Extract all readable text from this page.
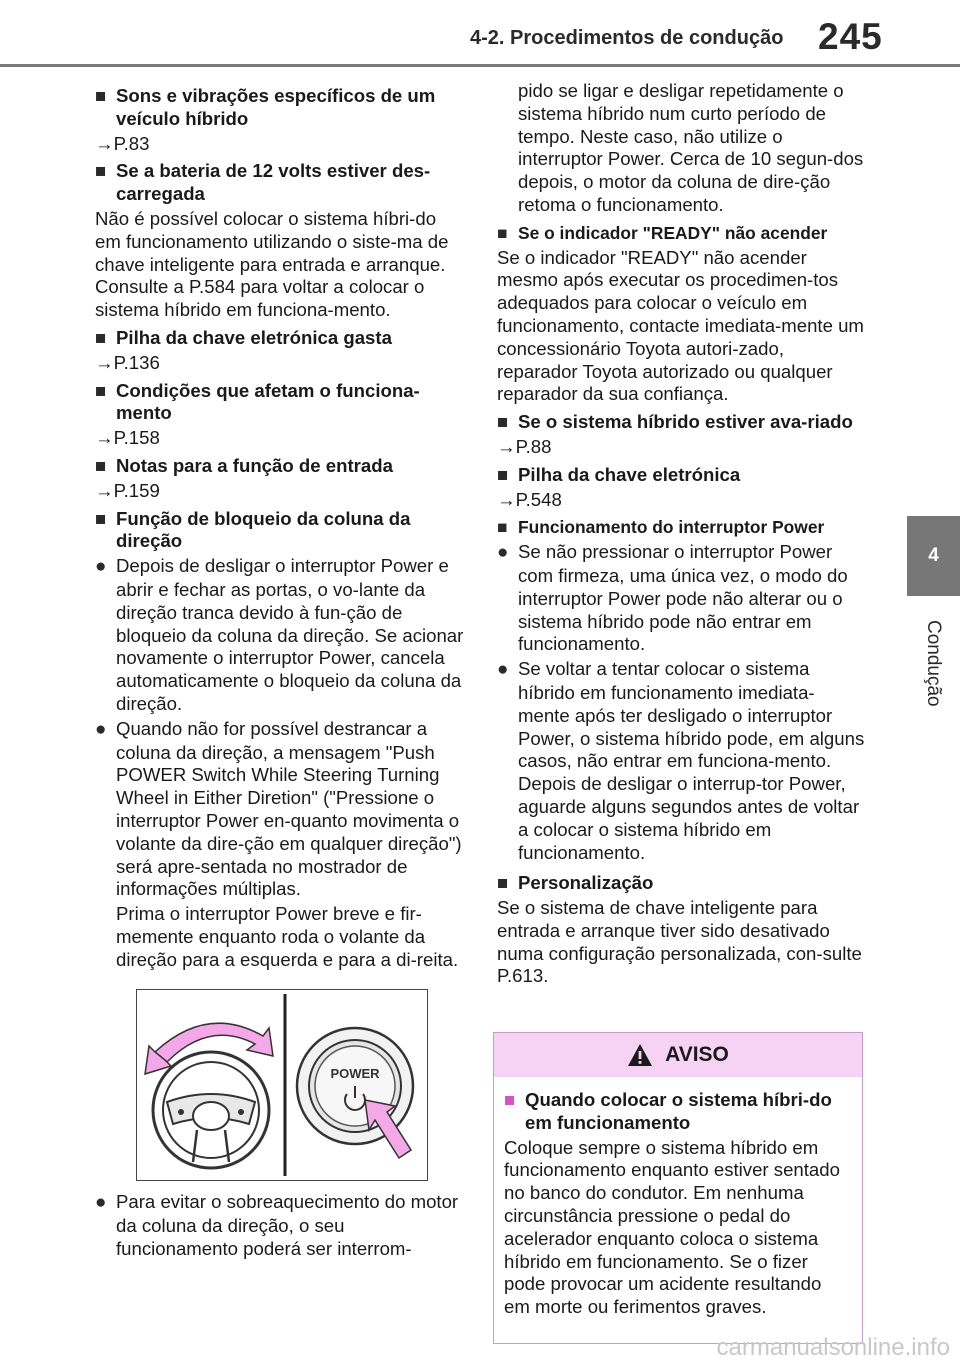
4-2. Procedimentos de condução 245
4
Condução
■ Sons e vibrações específicos de um veículo híbrido
→P.83
■ Se a bateria de 12 volts estiver des-carregada
Não é possível colocar o sistema híbri-do em funcionamento utilizando o siste-ma de chave inteligente para entrada e arranque. Consulte a P.584 para voltar a colocar o sistema híbrido em funciona-mento.
■ Pilha da chave eletrónica gasta
→P.136
■ Condições que afetam o funciona-mento
→P.158
■ Notas para a função de entrada
→P.159
■ Função de bloqueio da coluna da direção
● Depois de desligar o interruptor Power e abrir e fechar as portas, o vo-lante da direção tranca devido à fun-ção de bloqueio da coluna da direção. Se acionar novamente o interruptor Power, cancela automaticamente o bloqueio da coluna da direção.
● Quando não for possível destrancar a coluna da direção, a mensagem "Push POWER Switch While Steering Turning Wheel in Either Diretion" ("Pressione o interruptor Power en-quanto movimenta o volante da dire-ção em qualquer direção") será apre-sentada no mostrador de informações múltiplas.
Prima o interruptor Power breve e fir-memente enquanto roda o volante da direção para a esquerda e para a di-reita.
POWER
● Para evitar o sobreaquecimento do motor da coluna da direção, o seu funcionamento poderá ser interrom-
pido se ligar e desligar repetidamente o sistema híbrido num curto período de tempo. Neste caso, não utilize o interruptor Power. Cerca de 10 segun-dos depois, o motor da coluna de dire-ção retoma o funcionamento.
■ Se o indicador "READY" não acender
Se o indicador "READY" não acender mesmo após executar os procedimen-tos adequados para colocar o veículo em funcionamento, contacte imediata-mente um concessionário Toyota autori-zado, reparador Toyota autorizado ou qualquer reparador da sua confiança.
■ Se o sistema híbrido estiver ava-riado
→P.88
■ Pilha da chave eletrónica
→P.548
■ Funcionamento do interruptor Power
● Se não pressionar o interruptor Power com firmeza, uma única vez, o modo do interruptor Power pode não alterar ou o sistema híbrido pode não entrar em funcionamento.
● Se voltar a tentar colocar o sistema híbrido em funcionamento imediata-mente após ter desligado o interruptor Power, o sistema híbrido pode, em alguns casos, não entrar em funciona-mento. Depois de desligar o interrup-tor Power, aguarde alguns segundos antes de voltar a colocar o sistema híbrido em funcionamento.
■ Personalização
Se o sistema de chave inteligente para entrada e arranque tiver sido desativado numa configuração personalizada, con-sulte P.613.
AVISO
■ Quando colocar o sistema híbri-do em funcionamento
Coloque sempre o sistema híbrido em funcionamento enquanto estiver sentado no banco do condutor. Em nenhuma circunstância pressione o pedal do acelerador enquanto coloca o sistema híbrido em funcionamento. Se o fizer pode provocar um acidente resultando em morte ou ferimentos graves.
carmanualsonline.info
